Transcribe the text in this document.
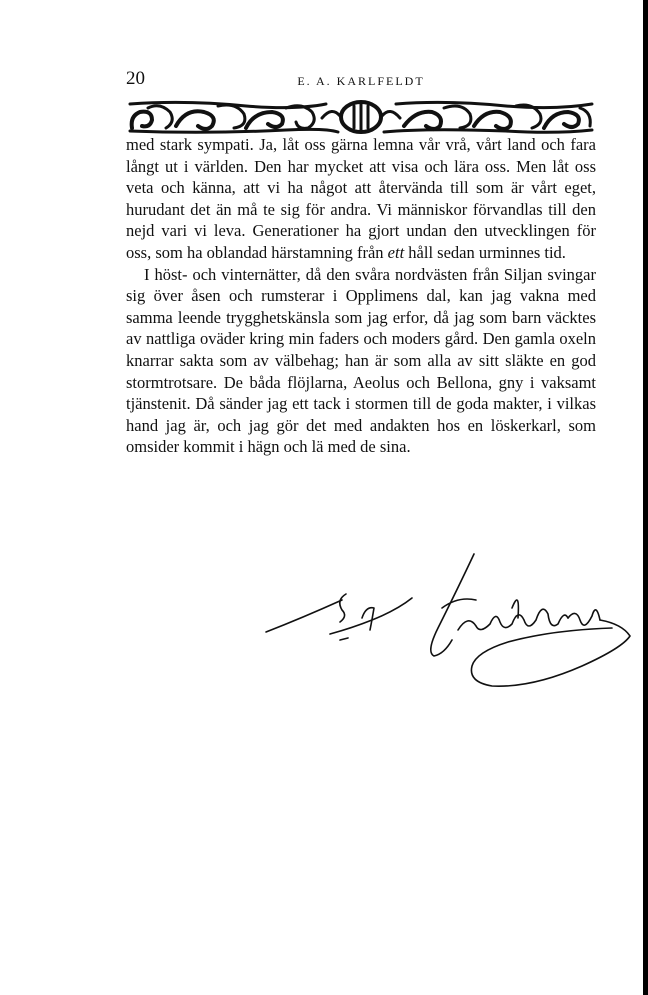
20	E. A. KARLFELDT

med stark sympati. Ja, låt oss gärna lemna vår vrå, vårt land och fara långt ut i världen. Den har mycket att visa och lära oss. Men låt oss veta och känna, att vi ha något att återvända till som är vårt eget, hurudant det än må te sig för andra. Vi människor förvandlas till den nejd vari vi leva. Generationer ha gjort undan den utvecklingen för oss, som ha oblandad härstamning från ett håll sedan urminnes tid.

I höst- och vinternätter, då den svåra nordvästen från Siljan svingar sig över åsen och rumsterar i Opplimens dal, kan jag vakna med samma leende trygghetskänsla som jag erfor, då jag som barn väcktes av nattliga oväder kring min faders och moders gård. Den gamla oxeln knarrar sakta som av välbehag; han är som alla av sitt släkte en god stormtrotsare. De båda flöjlarna, Aeolus och Bellona, gny i vaksamt tjänstenit. Då sänder jag ett tack i stormen till de goda makter, i vilkas hand jag är, och jag gör det med andakten hos en löskerkarl, som omsider kommit i hägn och lä med de sina.
